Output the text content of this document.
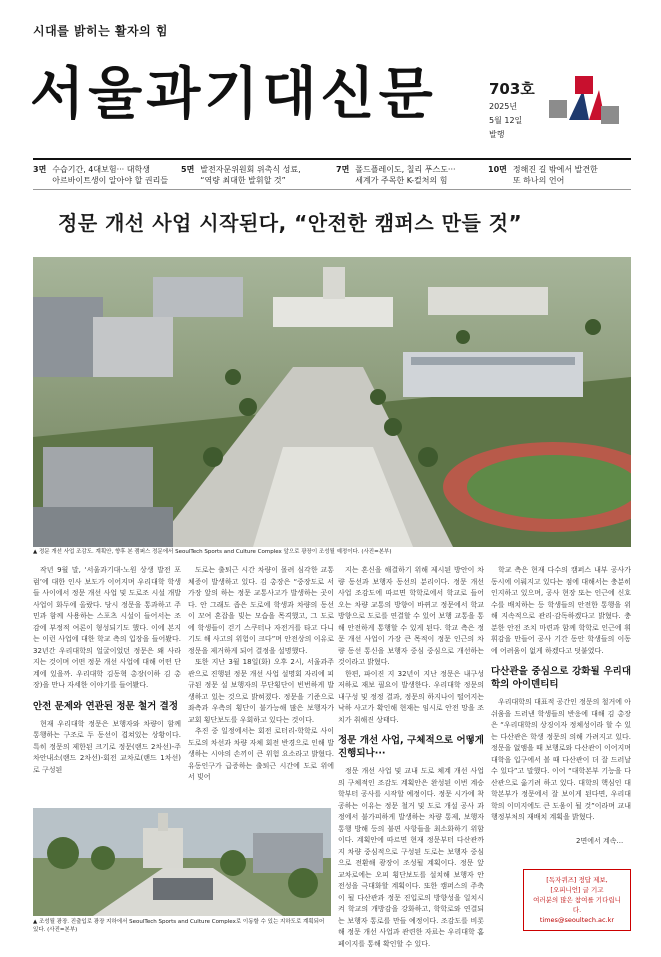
시대를 밝히는 활자의 힘
서울과기대신문	703호
2025년
5월 12일
발행
3면 수습기간, 4대보험··· 대학생
아르바이트생이 알아야 할 권리들
5면 발전자문위원회 위촉식 성료,
“역량 최대한 발휘할 것”
7면 폴드플레이도, 칠리 푸스도···
세계가 주목한 K-컬처의 힘
10면 정해진 길 밖에서 발견한
또 하나의 언어
정문 개선 사업 시작된다, “안전한 캠퍼스 만들 것”
▲ 정문 개선 사업 조감도. 계획안, 향후 본 캠퍼스 정문에서 SeoulTech Sports and Culture Complex 앞으로 광장이 조성될 예정이다. (사진=본부)

작년 9월 말, ‘서울과기대-노원 상생 발전 포럼’에 대한 인사 보도가 이어지며 우리대학 학생들 사이에서 정문 개선 사업 및 도로조 시설 개발 사업이 화두에 올랐다. 당시 정문을 통과하고 주민과 함께 사용하는 스포츠 시설이 들어서는 조감에 부정적 여론이 형성되기도 했다. 이에 본지는 이런 사업에 대한 학교 측의 입장을 들어봤다. 32년간 우리대학의 얼굴이었던 정문은 왜 사라지는 것이며 어떤 정문 개선 사업에 대해 어떤 단계에 있을까. 우리대학 김동혁 총장(이하 김 총장)을 만나 자세한 이야기를 들어봤다.

안전 문제와 연관된 정문 철거 결정

현재 우리대학 정문은 보행자와 차량이 함께 통행하는 구조로 두 동선이 겹쳐있는 상황이다. 특히 정문의 제한된 크기로 정문(랜드 2차선)-주차안내소(랜드 2차선)-회전 교차로(랜드 1차선)로 구성된

도로는 출퇴근 시간 차량이 몰려 심각한 교통 체증이 발생하고 있다. 김 총장은 “중장도로 서가장 앞의 하는 정문 교통사고가 발생하는 곳이다. 안 그래도 좁은 도로에 학생과 차량의 동선이 꼬여 혼잡을 빚는 모습을 목격했고, 그 도로에 학생들이 걷기 스쿠터나 자전거를 타고 다니기도 해 사고의 위험이 크다”며 안전상의 이유로 정문을 제거하게 되어 결정을 설명했다.

또한 지난 3월 18일(화) 오후 2시, 서울과주관으로 진행된 정문 개선 사업 설명회 자리에 피규된 정문 설 보행자의 무단횡단이 빈번하게 발생하고 있는 것으로 밝혀졌다. 정문을 기준으로 좌측과 우측의 횡단이 불가능해 많은 보행자가 교회 횡단보도를 우회하고 있다는 것이다.

추진 중 일정에서는 회전 로터리-학학로 사이 도로의 차선과 차량 자체 회전 반경으로 인해 발생하는 시야의 손끼이 큰 위험 요소라고 밝혔다. 유동인구가 급증하는 출퇴근 시간에 도로 위에서 빚어

지는 혼신을 해결하기 위해 제시된 방안이 차량 동선과 보행자 동선의 분리이다. 정문 개선 사업 조감도에 따르면 학학로에서 학교로 들어오는 차량 교통의 방향이 바뀌고 정문에서 학교 방향으로 도로를 연결할 수 있어 보행 교통을 통해 안전하게 통행할 수 있게 된다. 학교 측은 정문 개선 사업이 가장 큰 목적이 정문 인근의 차량 동선 통신을 보행자 중심 중심으로 개선하는 것이라고 밝혔다.

한편, 파이진 지 32년이 지난 정문은 내구성 저하로 재보 필요이 발생한다. 우리대학 정문의 내구성 및 정정 결과, 정문의 하지나이 떨어지는 낙하 사고가 확인해 현재는 임시로 안전 망을 조치가 취해진 상태다.

정문 개선 사업, 구체적으로 어떻게 진행되나···

정문 개선 사업 및 교내 도로 체계 개선 사업의 구체적인 조감도 계획안은 완성된 이번 계승학부터 공사를 시작할 예정이다. 정문 시가에 착공하는 이유는 정문 철거 및 도로 개설 공사 과정에서 불가피하게 발생하는 차량 통제, 보행자 통행 방해 등의 불편 사항들을 최소화하기 위함이다. 계획안에 따르면 현재 정문부터 다산관까지 차량 중심적으로 구성된 도로는 보행자 중심으로 전환해 광장이 조성될 계획이다. 정문 앞 교차로에는 오피 횡단보도를 설치해 보행자 안전성을 극대화할 계획이다. 또한 캠퍼스의 주축이 될 다산관과 정문 진입로의 방향성을 일치시켜 학교의 개방감을 강화하고, 학학로와 연결되는 보행자 통로를 만들 예정이다. 조감도를 비롯해 정문 개선 사업과 관련한 자료는 우리대학 홈페이지를 통해 확인할 수 있다.

학교 측은 현재 다수의 캠퍼스 내부 공사가 동시에 이뤄지고 있다는 점에 대해서는 충분히 인지하고 있으며, 공사 현장 또는 인근에 신호수를 배치하는 등 학생들의 안전한 통행을 위해 지속적으로 관리·감독하겠다고 밝혔다. 충분한 안전 조치 마련과 함께 학학로 인근에 휘휘감을 만들어 공사 기간 동안 학생들의 이동에 어려움이 없게 하겠다고 덧붙였다.

다산관을 중심으로 강화될 우리대학의 아이덴티티

우리대학의 대표적 공간인 정문의 철거에 아쉬움을 드러낸 학생들의 반응에 대해 김 총장은 “우리대학의 상징이자 정체성이라 할 수 있는 다산관은 학생 정문의 의해 가려지고 있다. 정문을 없앰을 때 보행로와 다산관이 이어지며 대학을 입구에서 볼 때 다산관이 더 잘 드러날 수 있다”고 말했다. 이어 “대학본부 기능을 다산관으로 옮기려 하고 있다. 대학의 핵심인 대학본부가 정문에서 잘 보이게 된다면, 우리대학의 이미지에도 큰 도움이 될 것”이라며 교내 행정부처의 재배치 계획을 밝혔다.

▲ 조성될 광장. 진출입로 광장 지하에서 SeoulTech Sports and Culture Complex로 이동할 수 있는 지하도로 계획되어 있다. (사진=본부)
2면에서 계속...
[독자퀴즈] 정답 제보,
[오피니언] 글 기고
여러분의 많은 참여를 기다립니다.
times@seoultech.ac.kr
